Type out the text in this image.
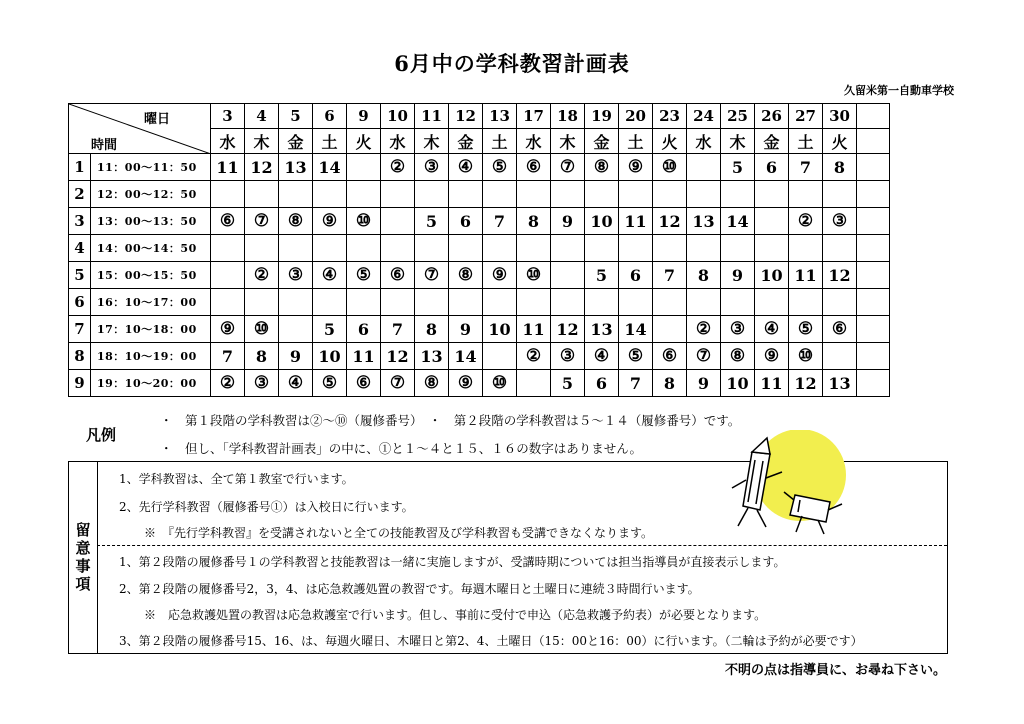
6月中の学科教習計画表
久留米第一自動車学校
曜日
時間		3	4	5	6	9	10	11	12	13	17	18	19	20	23	24	25	26	27	30	
		水	木	金	土	火	水	木	金	土	水	木	金	土	火	水	木	金	土	火	
1	11：00～11：50	11	12	13	14		②	③	④	⑤	⑥	⑦	⑧	⑨	⑩		5	6	7	8	
2	12：00～12：50																				
3	13：00～13：50	⑥	⑦	⑧	⑨	⑩		5	6	7	8	9	10	11	12	13	14		②	③	
4	14：00～14：50																				
5	15：00～15：50		②	③	④	⑤	⑥	⑦	⑧	⑨	⑩		5	6	7	8	9	10	11	12	
6	16：10～17：00																				
7	17：10～18：00	⑨	⑩		5	6	7	8	9	10	11	12	13	14		②	③	④	⑤	⑥	
8	18：10～19：00	7	8	9	10	11	12	13	14		②	③	④	⑤	⑥	⑦	⑧	⑨	⑩		
9	19：10～20：00	②	③	④	⑤	⑥	⑦	⑧	⑨	⑩		5	6	7	8	9	10	11	12	13	
凡例
・　第１段階の学科教習は②～⑩（履修番号）　・　第２段階の学科教習は５～１４（履修番号）です。
・　但し、「学科教習計画表」の中に、①と１～４と１５、１６の数字はありません。
留意事項
1、学科教習は、全て第１教室で行います。
2、先行学科教習（履修番号①）は入校日に行います。
※　『先行学科教習』を受講されないと全ての技能教習及び学科教習も受講できなくなります。
1、第２段階の履修番号１の学科教習と技能教習は一緒に実施しますが、受講時期については担当指導員が直接表示します。
2、第２段階の履修番号2，3，4、は応急救護処置の教習です。毎週木曜日と土曜日に連続３時間行います。
※　応急救護処置の教習は応急救護室で行います。但し、事前に受付で申込（応急救護予約表）が必要となります。
3、第２段階の履修番号15、16、は、毎週火曜日、木曜日と第2、4、土曜日（15：00と16：00）に行います。（二輪は予約が必要です）
不明の点は指導員に、お尋ね下さい。
